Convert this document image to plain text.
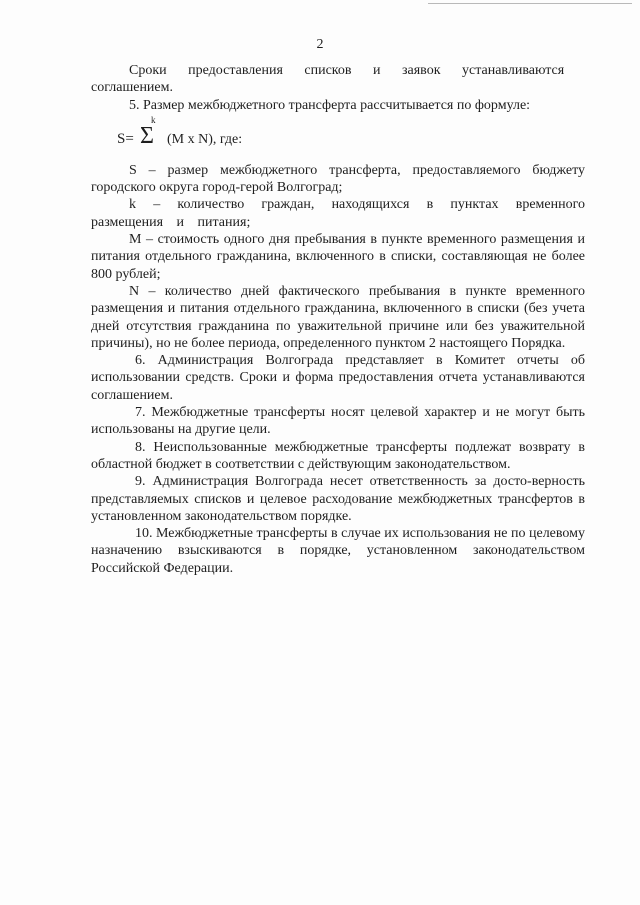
2

Сроки предоставления списков и заявок устанавливаются
соглашением.

5. Размер межбюджетного трансферта рассчитывается по формуле:

S=
k
Σ (M x N), где:

S – размер межбюджетного трансферта, предоставляемого бюджету городского округа город-герой Волгоград;

k – количество граждан, находящихся в пунктах временного размещения и питания;

M – стоимость одного дня пребывания в пункте временного размещения и питания отдельного гражданина, включенного в списки, составляющая не более 800 рублей;

N – количество дней фактического пребывания в пункте временного размещения и питания отдельного гражданина, включенного в списки (без учета дней отсутствия гражданина по уважительной причине или без уважительной причины), но не более периода, определенного пунктом 2 настоящего Порядка.

6. Администрация Волгограда представляет в Комитет отчеты об использовании средств. Сроки и форма предоставления отчета устанавливаются соглашением.

7. Межбюджетные трансферты носят целевой характер и не могут быть использованы на другие цели.

8. Неиспользованные межбюджетные трансферты подлежат возврату в областной бюджет в соответствии с действующим законодательством.

9. Администрация Волгограда несет ответственность за досто-верность представляемых списков и целевое расходование межбюджетных трансфертов в установленном законодательством порядке.

10. Межбюджетные трансферты в случае их использования не по целевому назначению взыскиваются в порядке, установленном законодательством Российской Федерации.
